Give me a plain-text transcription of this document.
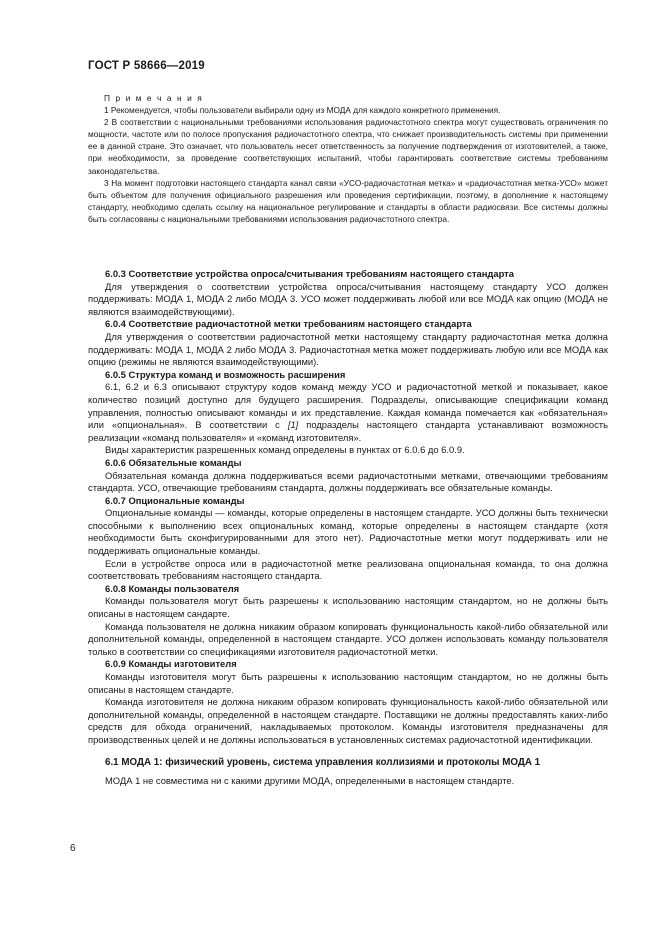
ГОСТ Р 58666—2019

П р и м е ч а н и я

1 Рекомендуется, чтобы пользователи выбирали одну из МОДА для каждого конкретного применения.

2 В соответствии с национальными требованиями использования радиочастотного спектра могут существовать ограничения по мощности, частоте или по полосе пропускания радиочастотного спектра, что снижает производительность системы при применении ее в данной стране. Это означает, что пользователь несет ответственность за получение подтверждения от изготовителей, а также, при необходимости, за проведение соответствующих испытаний, чтобы гарантировать соответствие системы требованиям законодательства.

3 На момент подготовки настоящего стандарта канал связи «УСО-радиочастотная метка» и «радиочастотная метка-УСО» может быть объектом для получения официального разрешения или проведения сертификации, поэтому, в дополнение к настоящему стандарту, необходимо сделать ссылку на национальное регулирование и стандарты в области радиосвязи. Все системы должны быть согласованы с национальными требованиями использования радиочастотного спектра.

6.0.3 Соответствие устройства опроса/считывания требованиям настоящего стандарта

Для утверждения о соответствии устройства опроса/считывания настоящему стандарту УСО должен поддерживать: МОДА 1, МОДА 2 либо МОДА 3. УСО может поддерживать любой или все МОДА как опцию (МОДА не являются взаимодействующими).

6.0.4 Соответствие радиочастотной метки требованиям настоящего стандарта

Для утверждения о соответствии радиочастотной метки настоящему стандарту радиочастотная метка должна поддерживать: МОДА 1, МОДА 2 либо МОДА 3. Радиочастотная метка может поддерживать любую или все МОДА как опцию (режимы не являются взаимодействующими).

6.0.5 Структура команд и возможность расширения

6.1, 6.2 и 6.3 описывают структуру кодов команд между УСО и радиочастотной меткой и показывает, какое количество позиций доступно для будущего расширения. Подразделы, описывающие спецификации команд управления, полностью описывают команды и их представление. Каждая команда помечается как «обязательная» или «опциональная». В соответствии с [1] подразделы настоящего стандарта устанавливают возможность реализации «команд пользователя» и «команд изготовителя».

Виды характеристик разрешенных команд определены в пунктах от 6.0.6 до 6.0.9.

6.0.6 Обязательные команды

Обязательная команда должна поддерживаться всеми радиочастотными метками, отвечающими требованиям стандарта. УСО, отвечающие требованиям стандарта, должны поддерживать все обязательные команды.

6.0.7 Опциональные команды

Опциональные команды — команды, которые определены в настоящем стандарте. УСО должны быть технически способными к выполнению всех опциональных команд, которые определены в настоящем стандарте (хотя необходимости быть сконфигурированными для этого нет). Радиочастотные метки могут поддерживать или не поддерживать опциональные команды.

Если в устройстве опроса или в радиочастотной метке реализована опциональная команда, то она должна соответствовать требованиям настоящего стандарта.

6.0.8 Команды пользователя

Команды пользователя могут быть разрешены к использованию настоящим стандартом, но не должны быть описаны в настоящем сандарте.

Команда пользователя не должна никаким образом копировать функциональность какой-либо обязательной или дополнительной команды, определенной в настоящем стандарте. УСО должен использовать команду пользователя только в соответствии со спецификациями изготовителя радиочастотной метки.

6.0.9 Команды изготовителя

Команды изготовителя могут быть разрешены к использованию настоящим стандартом, но не должны быть описаны в настоящем стандарте.

Команда изготовителя не должна никаким образом копировать функциональность какой-либо обязательной или дополнительной команды, определенной в настоящем стандарте. Поставщики не должны предоставлять каких-либо средств для обхода ограничений, накладываемых протоколом. Команды изготовителя предназначены для производственных целей и не должны использоваться в установленных системах радиочастотной идентификации.

6.1 МОДА 1: физический уровень, система управления коллизиями и протоколы МОДА 1

МОДА 1 не совместима ни с какими другими МОДА, определенными в настоящем стандарте.

6
